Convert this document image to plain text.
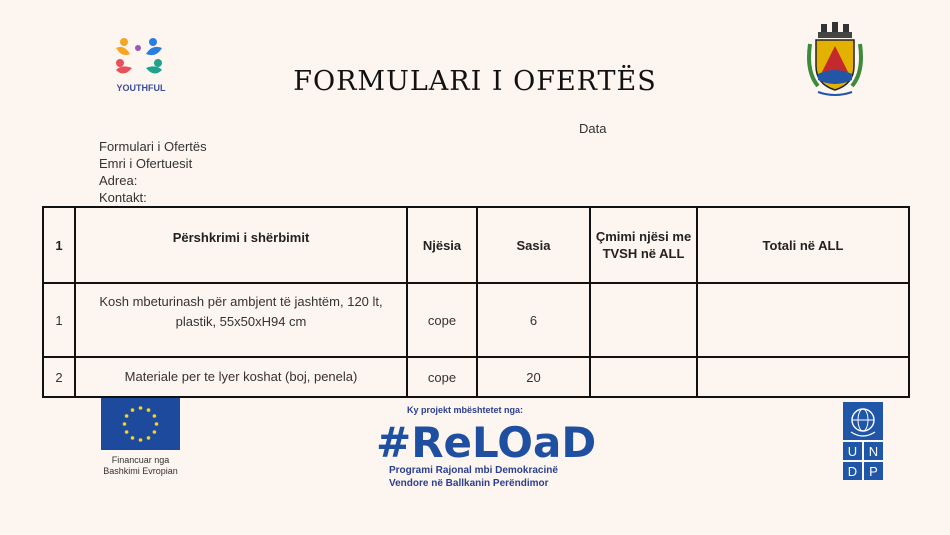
YOUTHFUL	FORMULARI I OFERTËS
Data
Formulari i Ofertës
Emri i Ofertuesit
Adrea:
Kontakt:
1	Përshkrimi i shërbimit	Njësia	Sasia	Çmimi njësi me TVSH në ALL	Totali në ALL
1	Kosh mbeturinash për ambjent të jashtëm, 120 lt, plastik, 55x50xH94 cm	cope	6		
2	Materiale per te lyer koshat (boj, penela)	cope	20		
Financuar nga
Bashkimi Evropian
Ky projekt mbështetet nga:
#ReLOaD
Programi Rajonal mbi Demokracinë
Vendore në Ballkanin Perëndimor
U N
D P
